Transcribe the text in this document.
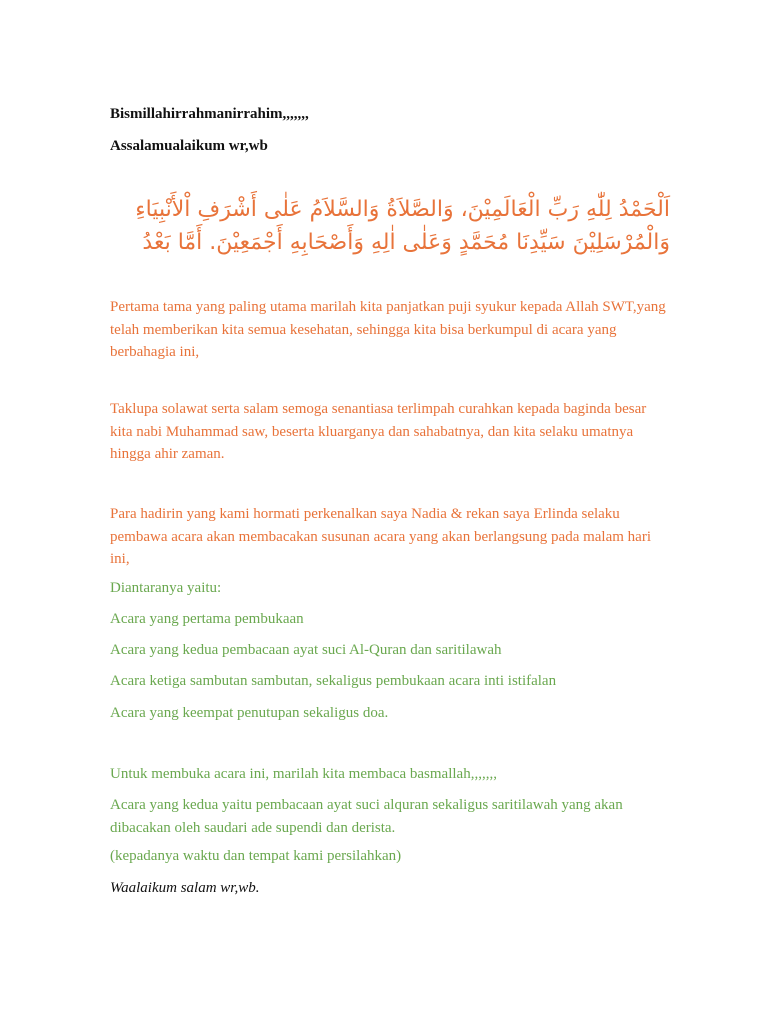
Bismillahirrahmanirrahim,,,,,,,
Assalamualaikum wr,wb
اَلْحَمْدُ لِلّٰهِ رَبِّ الْعَالَمِيْنَ، وَالصَّلاَةُ وَالسَّلاَمُ عَلٰى أَشْرَفِ اْلأَنْبِيَاءِ
وَالْمُرْسَلِيْنَ سَيِّدِنَا مُحَمَّدٍ وَعَلٰى اٰلِهِ وَأَصْحَابِهِ أَجْمَعِيْنَ. أَمَّا بَعْدُ
Pertama tama yang paling utama marilah kita panjatkan puji syukur kepada Allah SWT,yang telah memberikan kita semua kesehatan, sehingga kita bisa berkumpul di acara yang berbahagia ini,
Taklupa solawat serta salam semoga senantiasa terlimpah curahkan kepada baginda besar kita nabi Muhammad saw, beserta kluarganya dan sahabatnya, dan kita selaku umatnya hingga ahir zaman.
Para hadirin yang kami hormati perkenalkan saya Nadia & rekan saya Erlinda selaku pembawa acara akan membacakan susunan acara yang akan berlangsung pada malam hari ini,
Diantaranya yaitu:
Acara yang pertama pembukaan
Acara yang kedua pembacaan ayat suci Al-Quran dan saritilawah
Acara ketiga sambutan sambutan, sekaligus pembukaan acara inti istifalan
Acara yang keempat penutupan sekaligus doa.
Untuk membuka acara ini, marilah kita membaca basmallah,,,,,,,
Acara yang kedua yaitu pembacaan ayat suci alquran sekaligus saritilawah yang akan dibacakan oleh saudari ade supendi dan derista.
(kepadanya waktu dan tempat kami persilahkan)
Waalaikum salam wr,wb.
